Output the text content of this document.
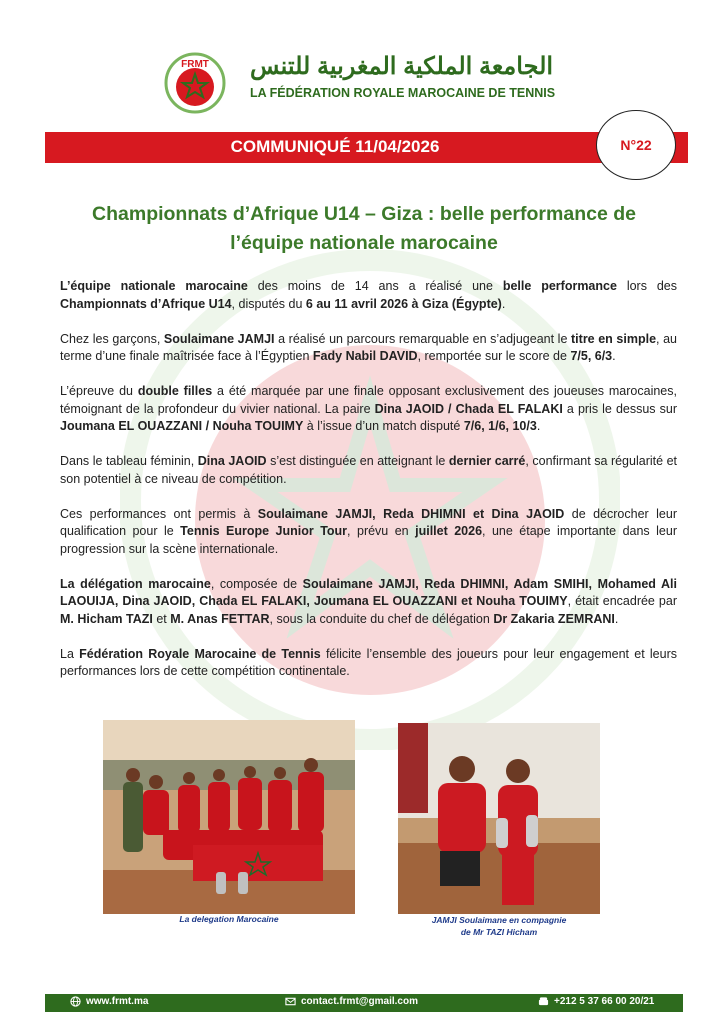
FRMT الجامعة الملكية المغربية للتنس
LA FÉDÉRATION ROYALE MAROCAINE DE TENNIS
COMMUNIQUÉ 11/04/2026	N°22
Championnats d’Afrique U14 – Giza : belle performance de
l’équipe nationale marocaine

L’équipe nationale marocaine des moins de 14 ans a réalisé une belle performance lors des Championnats d’Afrique U14, disputés du 6 au 11 avril 2026 à Giza (Égypte).

Chez les garçons, Soulaimane JAMJI a réalisé un parcours remarquable en s’adjugeant le titre en simple, au terme d’une finale maîtrisée face à l’Égyptien Fady Nabil DAVID, remportée sur le score de 7/5, 6/3.

L’épreuve du double filles a été marquée par une finale opposant exclusivement des joueuses marocaines, témoignant de la profondeur du vivier national. La paire Dina JAOID / Chada EL FALAKI a pris le dessus sur Joumana EL OUAZZANI / Nouha TOUIMY à l’issue d’un match disputé 7/6, 1/6, 10/3.

Dans le tableau féminin, Dina JAOID s’est distinguée en atteignant le dernier carré, confirmant sa régularité et son potentiel à ce niveau de compétition.

Ces performances ont permis à Soulaimane JAMJI, Reda DHIMNI et Dina JAOID de décrocher leur qualification pour le Tennis Europe Junior Tour, prévu en juillet 2026, une étape importante dans leur progression sur la scène internationale.

La délégation marocaine, composée de Soulaimane JAMJI, Reda DHIMNI, Adam SMIHI, Mohamed Ali LAOUIJA, Dina JAOID, Chada EL FALAKI, Joumana EL OUAZZANI et Nouha TOUIMY, était encadrée par M. Hicham TAZI et M. Anas FETTAR, sous la conduite du chef de délégation Dr Zakaria ZEMRANI.

La Fédération Royale Marocaine de Tennis félicite l’ensemble des joueurs pour leur engagement et leurs performances lors de cette compétition continentale.

La delegation Marocaine	JAMJI Soulaimane en compagnie
de Mr TAZI Hicham
www.frmt.ma	contact.frmt@gmail.com	+212 5 37 66 00 20/21
